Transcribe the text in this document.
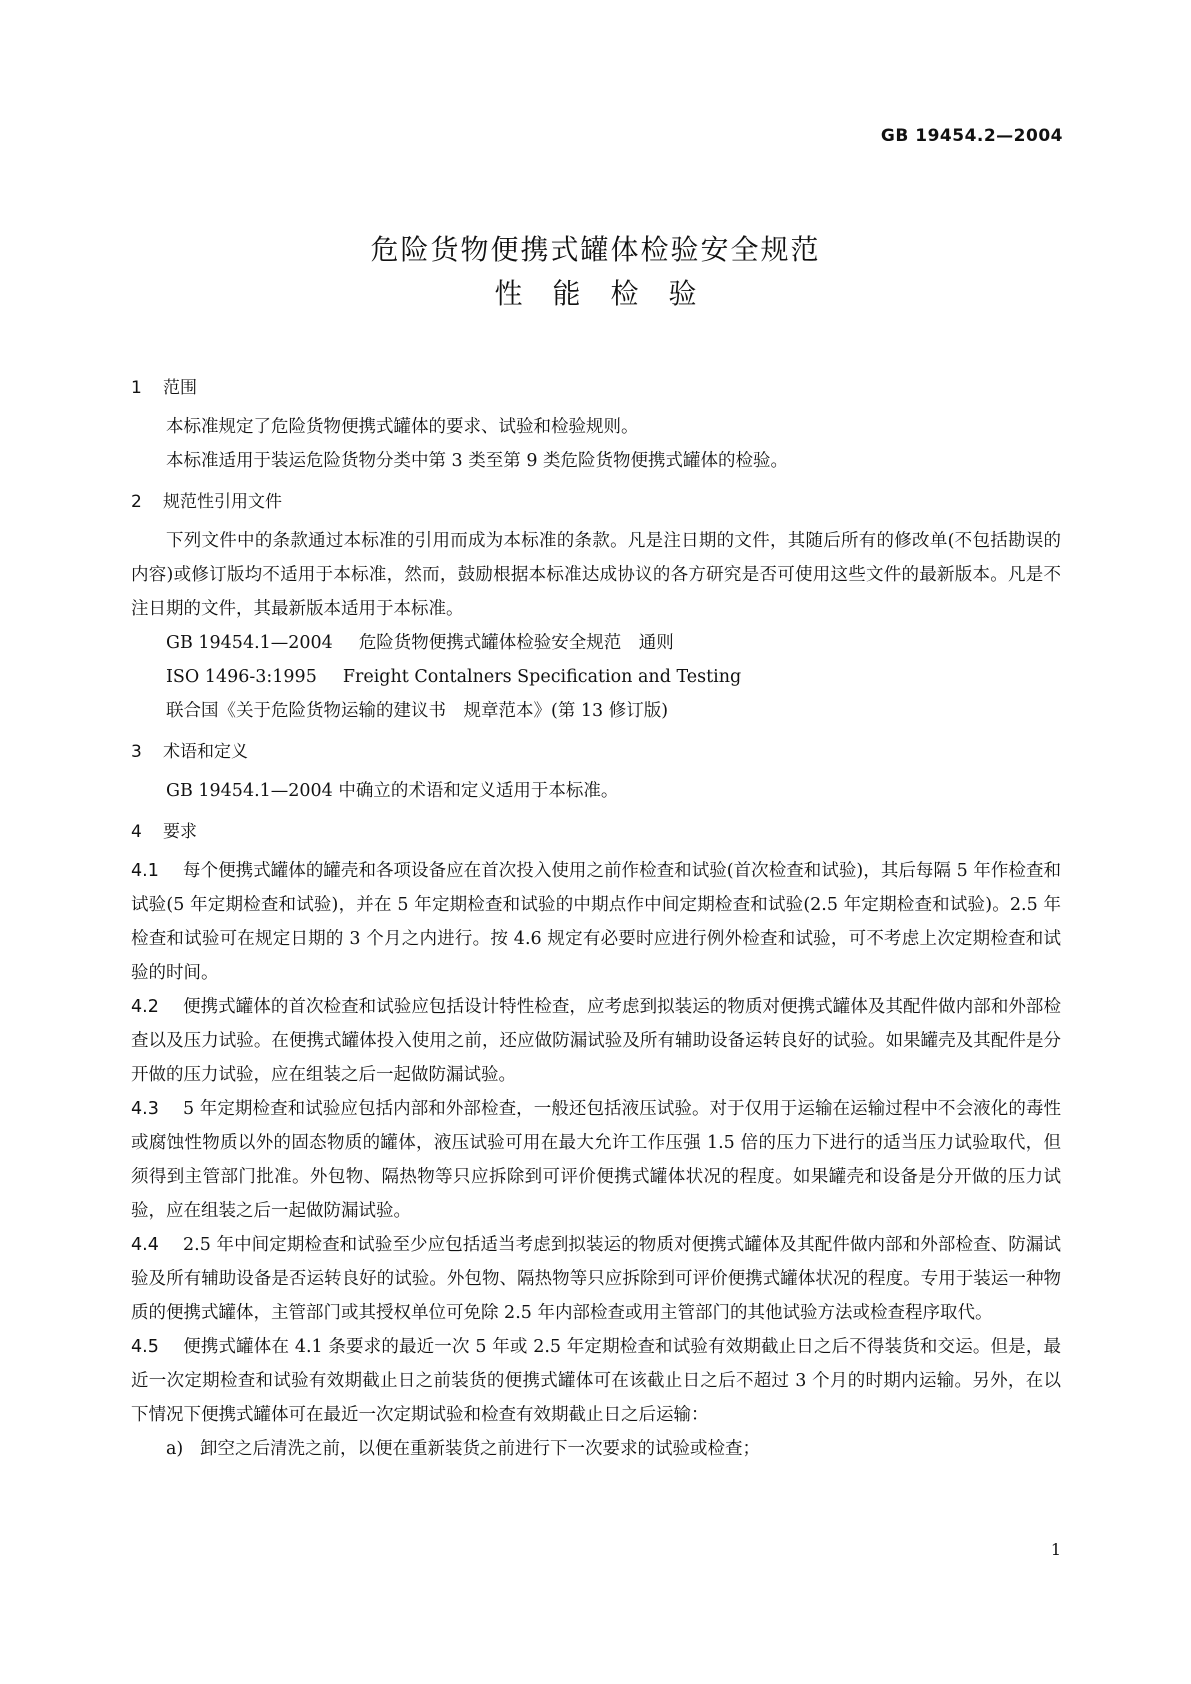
GB 19454.2—2004
危险货物便携式罐体检验安全规范
性能检验
1 范围

本标准规定了危险货物便携式罐体的要求、试验和检验规则。

本标准适用于装运危险货物分类中第 3 类至第 9 类危险货物便携式罐体的检验。

2 规范性引用文件

下列文件中的条款通过本标准的引用而成为本标准的条款。凡是注日期的文件，其随后所有的修改单(不包括勘误的内容)或修订版均不适用于本标准，然而，鼓励根据本标准达成协议的各方研究是否可使用这些文件的最新版本。凡是不注日期的文件，其最新版本适用于本标准。

GB 19454.1—2004 危险货物便携式罐体检验安全规范　通则
ISO 1496-3:1995 Freight Contalners Specification and Testing
联合国《关于危险货物运输的建议书　规章范本》(第 13 修订版)
3 术语和定义

GB 19454.1—2004 中确立的术语和定义适用于本标准。

4 要求

4.1 每个便携式罐体的罐壳和各项设备应在首次投入使用之前作检查和试验(首次检查和试验)，其后每隔 5 年作检查和试验(5 年定期检查和试验)，并在 5 年定期检查和试验的中期点作中间定期检查和试验(2.5 年定期检查和试验)。2.5 年检查和试验可在规定日期的 3 个月之内进行。按 4.6 规定有必要时应进行例外检查和试验，可不考虑上次定期检查和试验的时间。

4.2 便携式罐体的首次检查和试验应包括设计特性检查，应考虑到拟装运的物质对便携式罐体及其配件做内部和外部检查以及压力试验。在便携式罐体投入使用之前，还应做防漏试验及所有辅助设备运转良好的试验。如果罐壳及其配件是分开做的压力试验，应在组装之后一起做防漏试验。

4.3 5 年定期检查和试验应包括内部和外部检查，一般还包括液压试验。对于仅用于运输在运输过程中不会液化的毒性或腐蚀性物质以外的固态物质的罐体，液压试验可用在最大允许工作压强 1.5 倍的压力下进行的适当压力试验取代，但须得到主管部门批准。外包物、隔热物等只应拆除到可评价便携式罐体状况的程度。如果罐壳和设备是分开做的压力试验，应在组装之后一起做防漏试验。

4.4 2.5 年中间定期检查和试验至少应包括适当考虑到拟装运的物质对便携式罐体及其配件做内部和外部检查、防漏试验及所有辅助设备是否运转良好的试验。外包物、隔热物等只应拆除到可评价便携式罐体状况的程度。专用于装运一种物质的便携式罐体，主管部门或其授权单位可免除 2.5 年内部检查或用主管部门的其他试验方法或检查程序取代。

4.5 便携式罐体在 4.1 条要求的最近一次 5 年或 2.5 年定期检查和试验有效期截止日之后不得装货和交运。但是，最近一次定期检查和试验有效期截止日之前装货的便携式罐体可在该截止日之后不超过 3 个月的时期内运输。另外，在以下情况下便携式罐体可在最近一次定期试验和检查有效期截止日之后运输：

a) 卸空之后清洗之前，以便在重新装货之前进行下一次要求的试验或检查；
1
